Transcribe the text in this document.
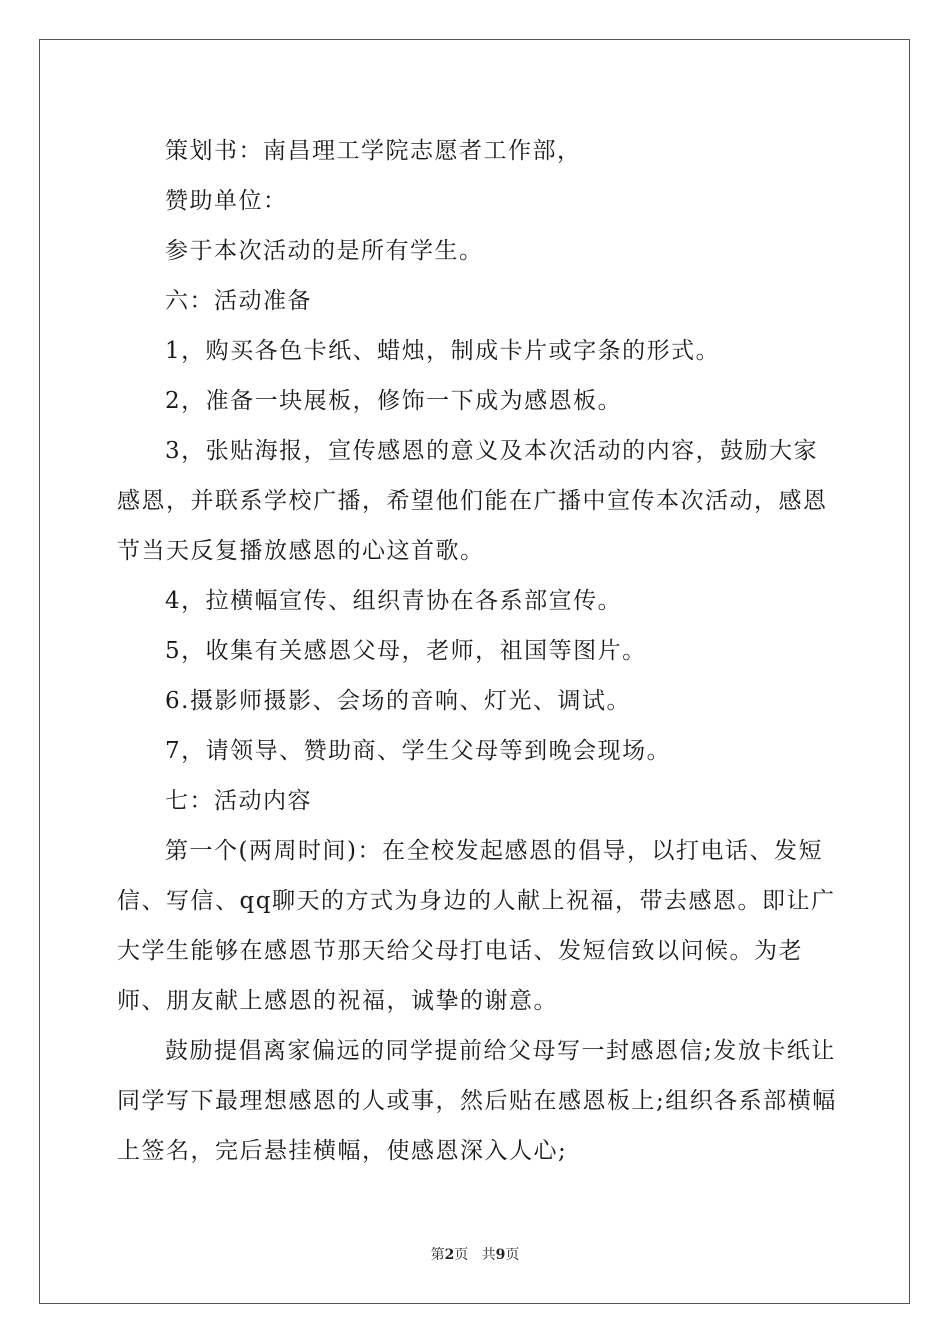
策划书：南昌理工学院志愿者工作部，

赞助单位：

参于本次活动的是所有学生。

六：活动准备

1，购买各色卡纸、蜡烛，制成卡片或字条的形式。

2，准备一块展板，修饰一下成为感恩板。

3，张贴海报，宣传感恩的意义及本次活动的内容，鼓励大家感恩，并联系学校广播，希望他们能在广播中宣传本次活动，感恩节当天反复播放感恩的心这首歌。

4，拉横幅宣传、组织青协在各系部宣传。

5，收集有关感恩父母，老师，祖国等图片。

6.摄影师摄影、会场的音响、灯光、调试。

7，请领导、赞助商、学生父母等到晚会现场。

七：活动内容

第一个(两周时间)：在全校发起感恩的倡导，以打电话、发短信、写信、qq聊天的方式为身边的人献上祝福，带去感恩。即让广大学生能够在感恩节那天给父母打电话、发短信致以问候。为老师、朋友献上感恩的祝福，诚挚的谢意。

鼓励提倡离家偏远的同学提前给父母写一封感恩信;发放卡纸让同学写下最理想感恩的人或事，然后贴在感恩板上;组织各系部横幅上签名，完后悬挂横幅，使感恩深入人心;

第2页 共9页
